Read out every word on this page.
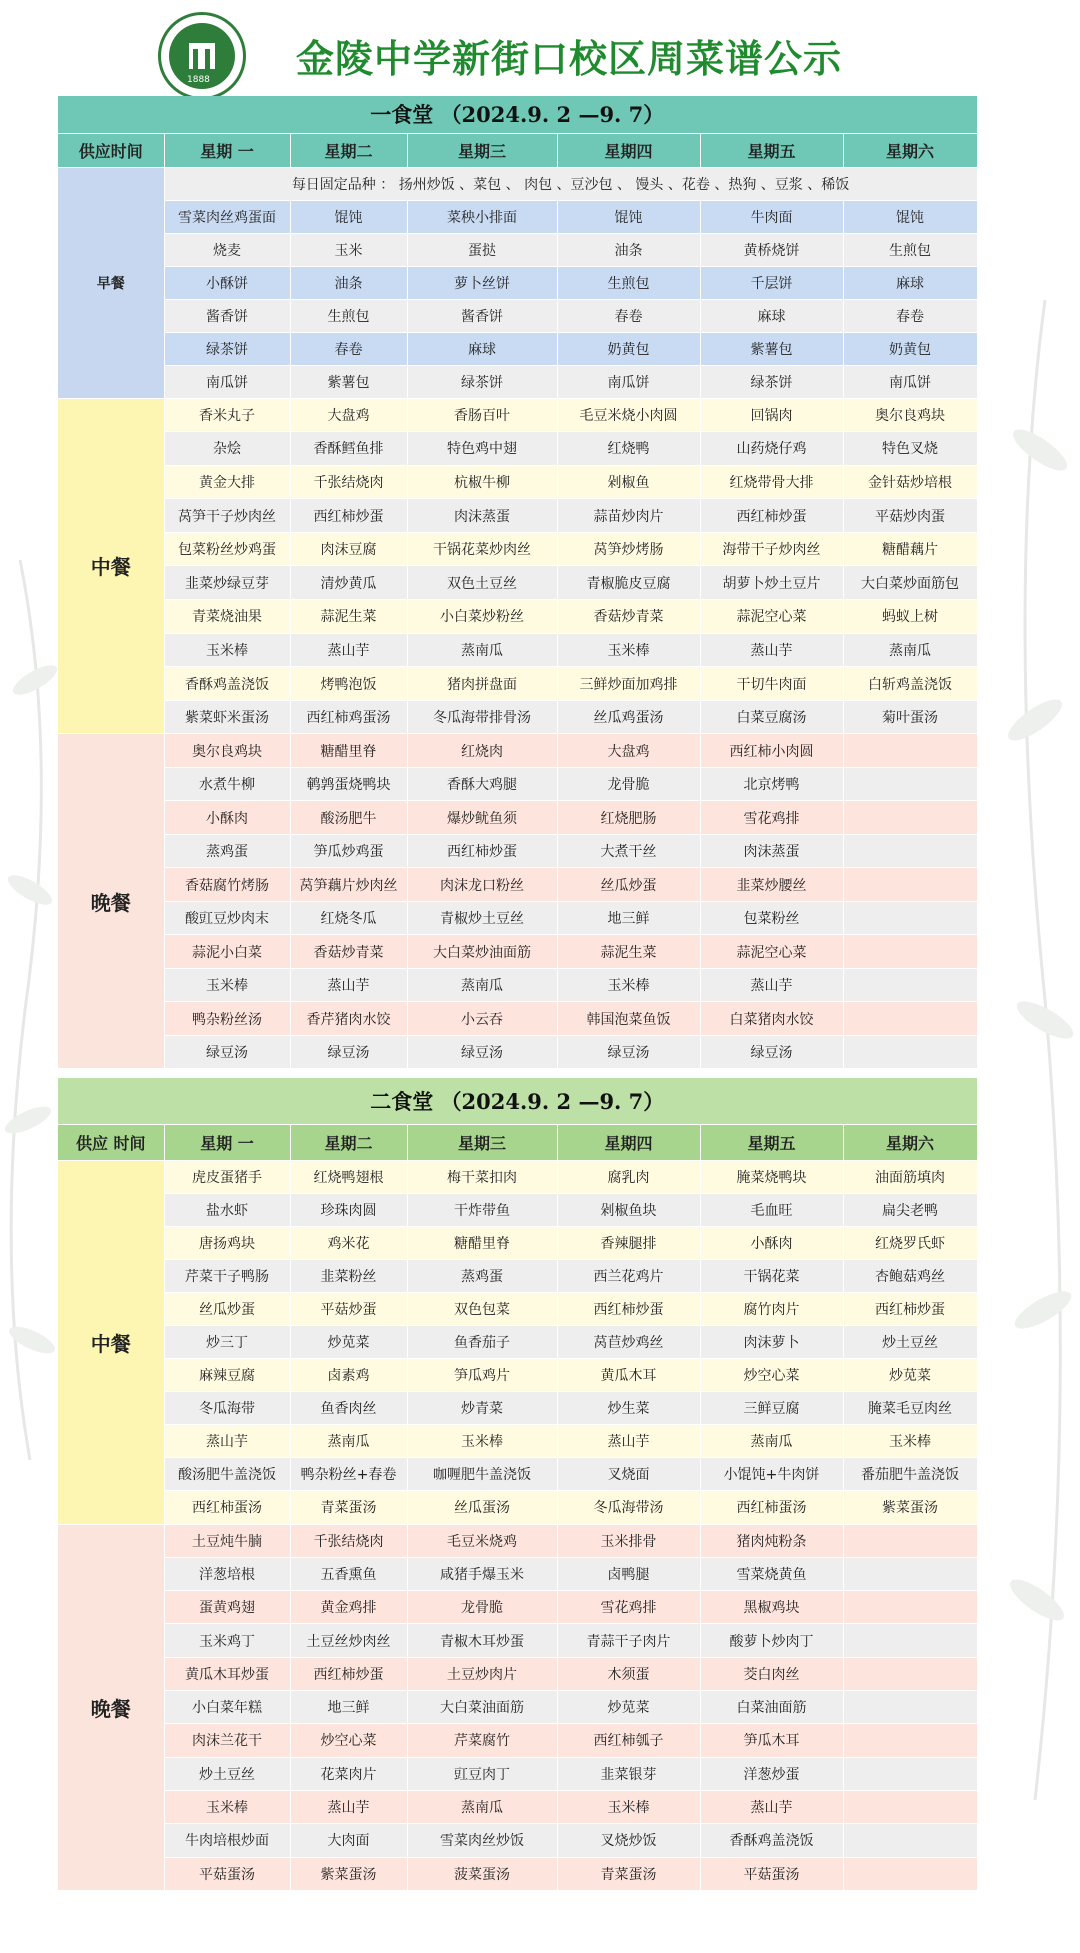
1888 金陵中学新街口校区周菜谱公示
一食堂 （2024.9. 2 —9. 7）						
供应时间	星期 一	星期二	星期三	星期四	星期五	星期六
早餐	每日固定品种 ： 扬州炒饭 、菜包 、 肉包 、豆沙包 、 馒头 、花卷 、热狗 、豆浆 、稀饭					
	雪菜肉丝鸡蛋面	馄饨	菜秧小排面	馄饨	牛肉面	馄饨
	烧麦	玉米	蛋挞	油条	黄桥烧饼	生煎包
	小酥饼	油条	萝卜丝饼	生煎包	千层饼	麻球
	酱香饼	生煎包	酱香饼	春卷	麻球	春卷
	绿茶饼	春卷	麻球	奶黄包	紫薯包	奶黄包
	南瓜饼	紫薯包	绿茶饼	南瓜饼	绿茶饼	南瓜饼
中餐	香米丸子	大盘鸡	香肠百叶	毛豆米烧小肉圆	回锅肉	奥尔良鸡块
	杂烩	香酥鳕鱼排	特色鸡中翅	红烧鸭	山药烧仔鸡	特色叉烧
	黄金大排	千张结烧肉	杭椒牛柳	剁椒鱼	红烧带骨大排	金针菇炒培根
	莴笋干子炒肉丝	西红柿炒蛋	肉沫蒸蛋	蒜苗炒肉片	西红柿炒蛋	平菇炒肉蛋
	包菜粉丝炒鸡蛋	肉沫豆腐	干锅花菜炒肉丝	莴笋炒烤肠	海带干子炒肉丝	糖醋藕片
	韭菜炒绿豆芽	清炒黄瓜	双色土豆丝	青椒脆皮豆腐	胡萝卜炒土豆片	大白菜炒面筋包
	青菜烧油果	蒜泥生菜	小白菜炒粉丝	香菇炒青菜	蒜泥空心菜	蚂蚁上树
	玉米棒	蒸山芋	蒸南瓜	玉米棒	蒸山芋	蒸南瓜
	香酥鸡盖浇饭	烤鸭泡饭	猪肉拼盘面	三鲜炒面加鸡排	干切牛肉面	白斩鸡盖浇饭
	紫菜虾米蛋汤	西红柿鸡蛋汤	冬瓜海带排骨汤	丝瓜鸡蛋汤	白菜豆腐汤	菊叶蛋汤
晚餐	奥尔良鸡块	糖醋里脊	红烧肉	大盘鸡	西红柿小肉圆	
	水煮牛柳	鹌鹑蛋烧鸭块	香酥大鸡腿	龙骨脆	北京烤鸭	
	小酥肉	酸汤肥牛	爆炒鱿鱼须	红烧肥肠	雪花鸡排	
	蒸鸡蛋	笋瓜炒鸡蛋	西红柿炒蛋	大煮干丝	肉沫蒸蛋	
	香菇腐竹烤肠	莴笋藕片炒肉丝	肉沫龙口粉丝	丝瓜炒蛋	韭菜炒腰丝	
	酸豇豆炒肉末	红烧冬瓜	青椒炒土豆丝	地三鲜	包菜粉丝	
	蒜泥小白菜	香菇炒青菜	大白菜炒油面筋	蒜泥生菜	蒜泥空心菜	
	玉米棒	蒸山芋	蒸南瓜	玉米棒	蒸山芋	
	鸭杂粉丝汤	香芹猪肉水饺	小云吞	韩国泡菜鱼饭	白菜猪肉水饺	
	绿豆汤	绿豆汤	绿豆汤	绿豆汤	绿豆汤	
二食堂 （2024.9. 2 —9. 7）						
供应 时间	星期 一	星期二	星期三	星期四	星期五	星期六
中餐	虎皮蛋猪手	红烧鸭翅根	梅干菜扣肉	腐乳肉	腌菜烧鸭块	油面筋填肉
	盐水虾	珍珠肉圆	干炸带鱼	剁椒鱼块	毛血旺	扁尖老鸭
	唐扬鸡块	鸡米花	糖醋里脊	香辣腿排	小酥肉	红烧罗氏虾
	芹菜干子鸭肠	韭菜粉丝	蒸鸡蛋	西兰花鸡片	干锅花菜	杏鲍菇鸡丝
	丝瓜炒蛋	平菇炒蛋	双色包菜	西红柿炒蛋	腐竹肉片	西红柿炒蛋
	炒三丁	炒苋菜	鱼香茄子	莴苣炒鸡丝	肉沫萝卜	炒土豆丝
	麻辣豆腐	卤素鸡	笋瓜鸡片	黄瓜木耳	炒空心菜	炒苋菜
	冬瓜海带	鱼香肉丝	炒青菜	炒生菜	三鲜豆腐	腌菜毛豆肉丝
	蒸山芋	蒸南瓜	玉米棒	蒸山芋	蒸南瓜	玉米棒
	酸汤肥牛盖浇饭	鸭杂粉丝+春卷	咖喱肥牛盖浇饭	叉烧面	小馄饨+牛肉饼	番茄肥牛盖浇饭
	西红柿蛋汤	青菜蛋汤	丝瓜蛋汤	冬瓜海带汤	西红柿蛋汤	紫菜蛋汤
晚餐	土豆炖牛腩	千张结烧肉	毛豆米烧鸡	玉米排骨	猪肉炖粉条	
	洋葱培根	五香熏鱼	咸猪手爆玉米	卤鸭腿	雪菜烧黄鱼	
	蛋黄鸡翅	黄金鸡排	龙骨脆	雪花鸡排	黑椒鸡块	
	玉米鸡丁	土豆丝炒肉丝	青椒木耳炒蛋	青蒜干子肉片	酸萝卜炒肉丁	
	黄瓜木耳炒蛋	西红柿炒蛋	土豆炒肉片	木须蛋	茭白肉丝	
	小白菜年糕	地三鲜	大白菜油面筋	炒苋菜	白菜油面筋	
	肉沫兰花干	炒空心菜	芹菜腐竹	西红柿瓠子	笋瓜木耳	
	炒土豆丝	花菜肉片	豇豆肉丁	韭菜银芽	洋葱炒蛋	
	玉米棒	蒸山芋	蒸南瓜	玉米棒	蒸山芋	
	牛肉培根炒面	大肉面	雪菜肉丝炒饭	叉烧炒饭	香酥鸡盖浇饭	
	平菇蛋汤	紫菜蛋汤	菠菜蛋汤	青菜蛋汤	平菇蛋汤	
